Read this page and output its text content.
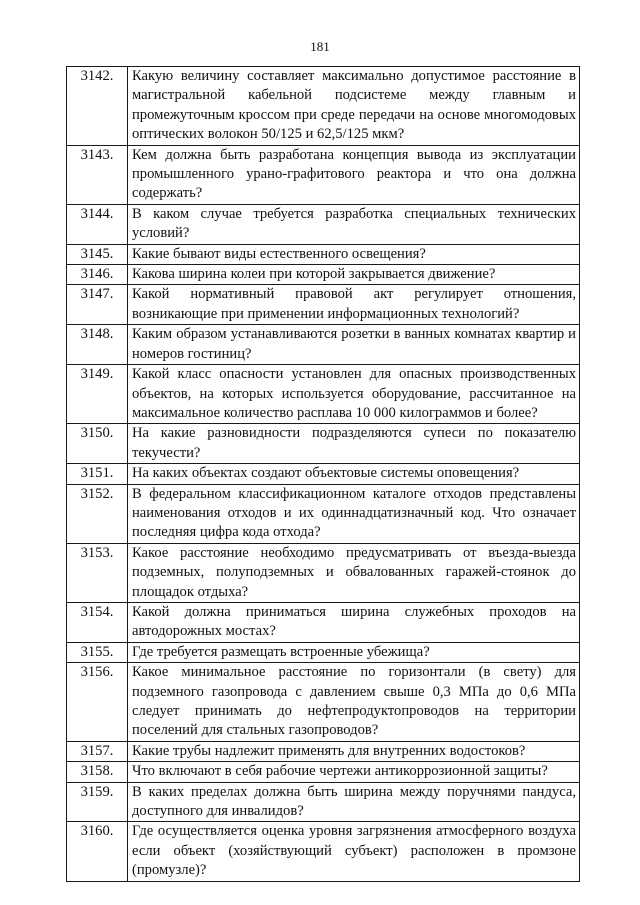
181
3142.	Какую величину составляет максимально допустимое расстояние в магистральной кабельной подсистеме между главным и промежуточным кроссом при среде передачи на основе многомодовых оптических волокон 50/125 и 62,5/125 мкм?
3143.	Кем должна быть разработана концепция вывода из эксплуатации промышленного урано-графитового реактора и что она должна содержать?
3144.	В каком случае требуется разработка специальных технических условий?
3145.	Какие бывают виды естественного освещения?
3146.	Какова ширина колеи при которой закрывается движение?
3147.	Какой нормативный правовой акт регулирует отношения, возникающие при применении информационных технологий?
3148.	Каким образом устанавливаются розетки в ванных комнатах квартир и номеров гостиниц?
3149.	Какой класс опасности установлен для опасных производственных объектов, на которых используется оборудование, рассчитанное на максимальное количество расплава 10 000 килограммов и более?
3150.	На какие разновидности подразделяются супеси по показателю текучести?
3151.	На каких объектах создают объектовые системы оповещения?
3152.	В федеральном классификационном каталоге отходов представлены наименования отходов и их одиннадцатизначный код. Что означает последняя цифра кода отхода?
3153.	Какое расстояние необходимо предусматривать от въезда-выезда подземных, полуподземных и обвалованных гаражей-стоянок до площадок отдыха?
3154.	Какой должна приниматься ширина служебных проходов на автодорожных мостах?
3155.	Где требуется размещать встроенные убежища?
3156.	Какое минимальное расстояние по горизонтали (в свету) для подземного газопровода с давлением свыше 0,3 МПа до 0,6 МПа следует принимать до нефтепродуктопроводов на территории поселений для стальных газопроводов?
3157.	Какие трубы надлежит применять для внутренних водостоков?
3158.	Что включают в себя рабочие чертежи антикоррозионной защиты?
3159.	В каких пределах должна быть ширина между поручнями пандуса, доступного для инвалидов?
3160.	Где осуществляется оценка уровня загрязнения атмосферного воздуха если объект (хозяйствующий субъект) расположен в промзоне (промузле)?
